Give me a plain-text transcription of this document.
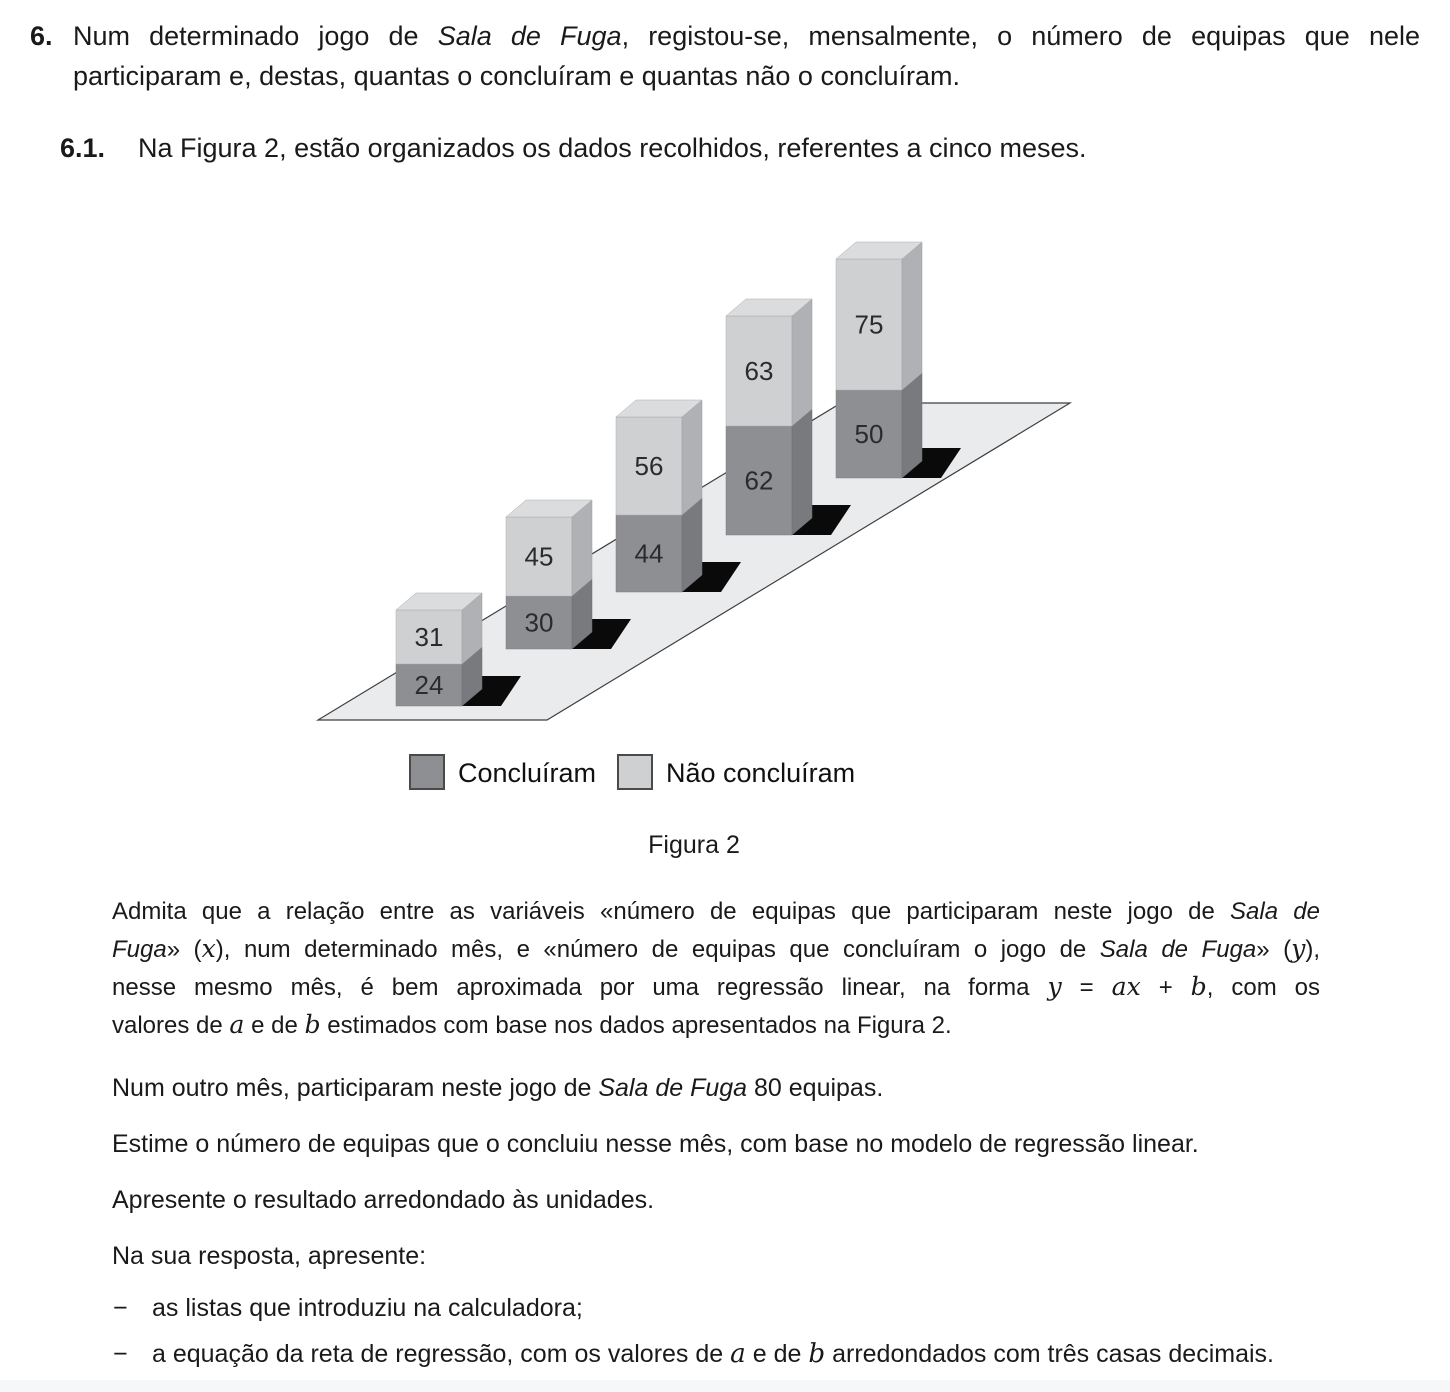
6. Num determinado jogo de Sala de Fuga, registou-se, mensalmente, o número de equipas que nele
participaram e, destas, quantas o concluíram e quantas não o concluíram.
6.1. Na Figura 2, estão organizados os dados recolhidos, referentes a cinco meses.
31
24
45
30
56
44
63
62
75
50
Concluíram	Não concluíram
Figura 2
Admita que a relação entre as variáveis «número de equipas que participaram neste jogo de Sala de
Fuga» (x), num determinado mês, e «número de equipas que concluíram o jogo de Sala de Fuga» (y),
nesse mesmo mês, é bem aproximada por uma regressão linear, na forma y = ax + b, com os
valores de a e de b estimados com base nos dados apresentados na Figura 2.
Num outro mês, participaram neste jogo de Sala de Fuga 80 equipas.
Estime o número de equipas que o concluiu nesse mês, com base no modelo de regressão linear.
Apresente o resultado arredondado às unidades.
Na sua resposta, apresente:
− as listas que introduziu na calculadora;
− a equação da reta de regressão, com os valores de a e de b arredondados com três casas decimais.
